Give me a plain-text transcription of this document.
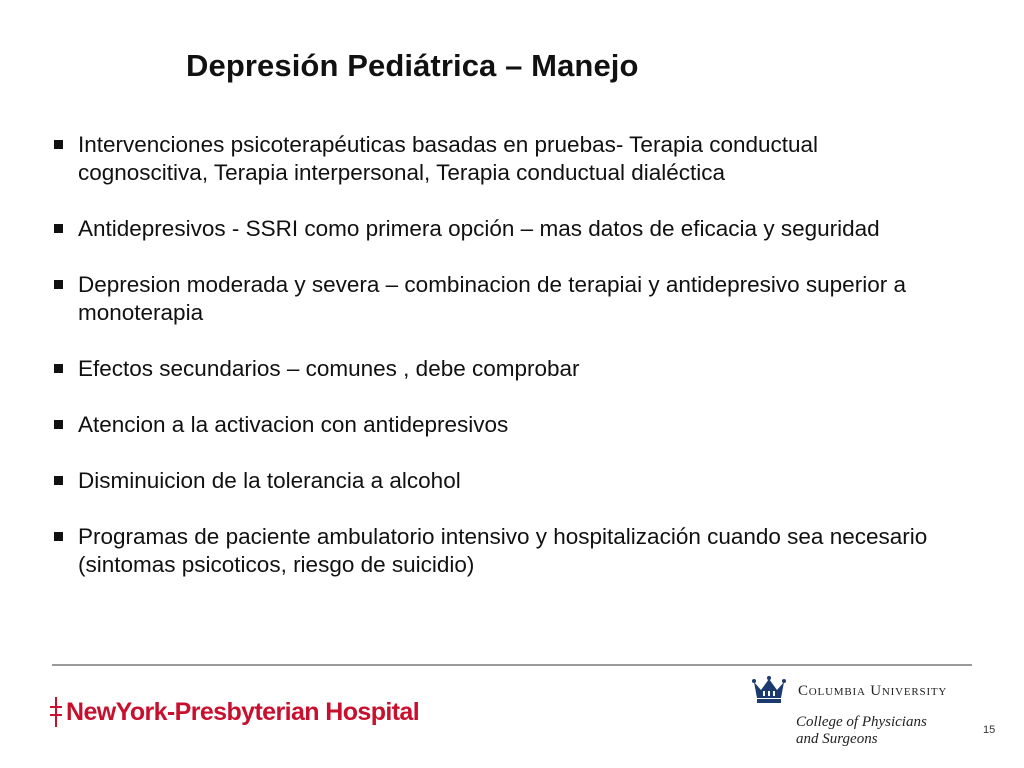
Depresión Pediátrica – Manejo
Intervenciones psicoterapéuticas basadas en pruebas- Terapia conductual cognoscitiva, Terapia interpersonal, Terapia conductual dialéctica
Antidepresivos - SSRI como primera opción – mas datos de eficacia y seguridad
Depresion moderada y severa – combinacion de terapiai y antidepresivo superior a monoterapia
Efectos secundarios – comunes , debe comprobar
Atencion a la activacion con antidepresivos
Disminuicion de la tolerancia a alcohol
Programas de paciente ambulatorio intensivo y hospitalización cuando sea necesario (sintomas psicoticos, riesgo de suicidio)
NewYork-Presbyterian Hospital
Columbia University
College of Physicians
and Surgeons
15
